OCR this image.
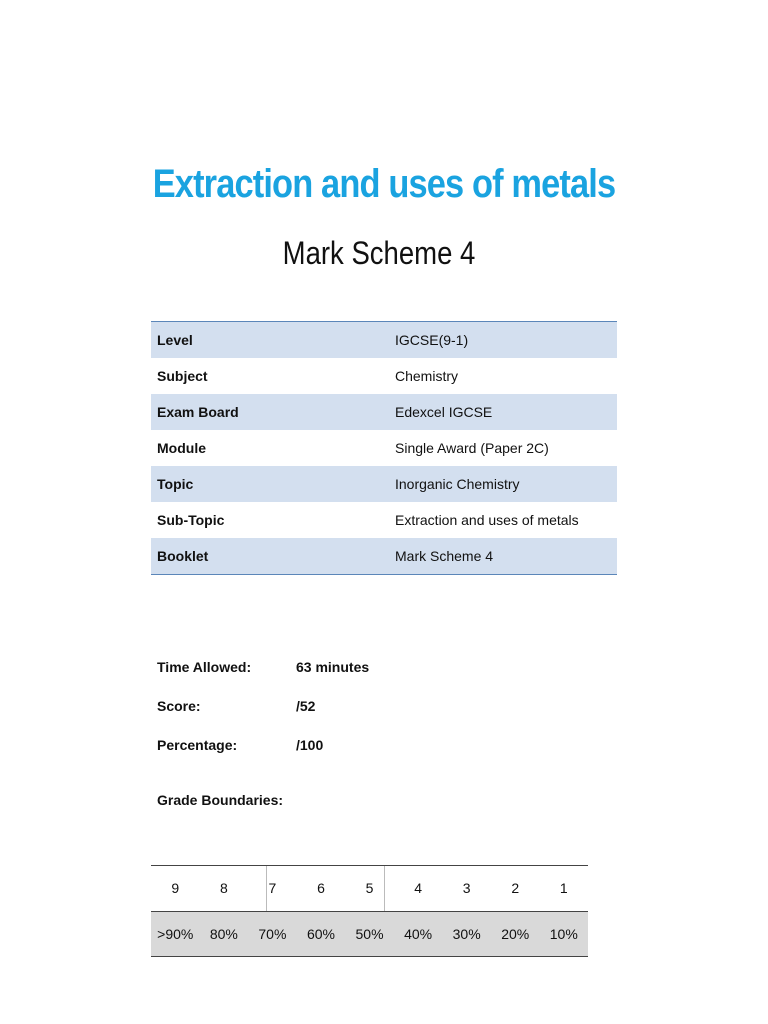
Extraction and uses of metals
Mark Scheme 4
Level	IGCSE(9-1)
Subject	Chemistry
Exam Board	Edexcel IGCSE
Module	Single Award (Paper 2C)
Topic	Inorganic Chemistry
Sub-Topic	Extraction and uses of metals
Booklet	Mark Scheme 4
Time Allowed:	63 minutes
Score:	/52
Percentage:	/100
Grade Boundaries:
9	8	7	6	5	4	3	2	1
>90%	80%	70%	60%	50%	40%	30%	20%	10%
